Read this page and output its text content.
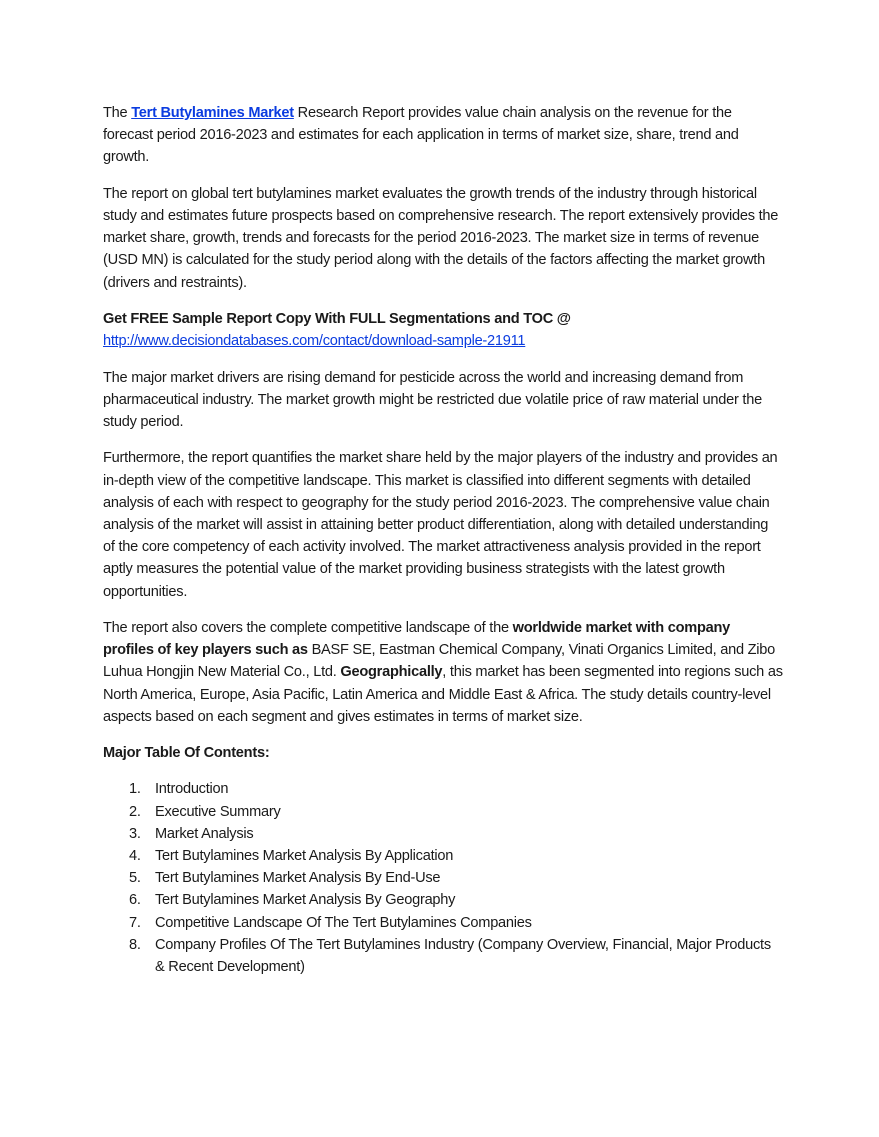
The Tert Butylamines Market Research Report provides value chain analysis on the revenue for the forecast period 2016-2023 and estimates for each application in terms of market size, share, trend and growth.

The report on global tert butylamines market evaluates the growth trends of the industry through historical study and estimates future prospects based on comprehensive research. The report extensively provides the market share, growth, trends and forecasts for the period 2016-2023. The market size in terms of revenue (USD MN) is calculated for the study period along with the details of the factors affecting the market growth (drivers and restraints).

Get FREE Sample Report Copy With FULL Segmentations and TOC @
http://www.decisiondatabases.com/contact/download-sample-21911

The major market drivers are rising demand for pesticide across the world and increasing demand from pharmaceutical industry. The market growth might be restricted due volatile price of raw material under the study period.

Furthermore, the report quantifies the market share held by the major players of the industry and provides an in-depth view of the competitive landscape. This market is classified into different segments with detailed analysis of each with respect to geography for the study period 2016-2023. The comprehensive value chain analysis of the market will assist in attaining better product differentiation, along with detailed understanding of the core competency of each activity involved. The market attractiveness analysis provided in the report aptly measures the potential value of the market providing business strategists with the latest growth opportunities.

The report also covers the complete competitive landscape of the worldwide market with company profiles of key players such as BASF SE, Eastman Chemical Company, Vinati Organics Limited, and Zibo Luhua Hongjin New Material Co., Ltd. Geographically, this market has been segmented into regions such as North America, Europe, Asia Pacific, Latin America and Middle East & Africa. The study details country-level aspects based on each segment and gives estimates in terms of market size.

Major Table Of Contents:
1. Introduction
2. Executive Summary
3. Market Analysis
4. Tert Butylamines Market Analysis By Application
5. Tert Butylamines Market Analysis By End-Use
6. Tert Butylamines Market Analysis By Geography
7. Competitive Landscape Of The Tert Butylamines Companies
8. Company Profiles Of The Tert Butylamines Industry (Company Overview, Financial, Major Products & Recent Development)
